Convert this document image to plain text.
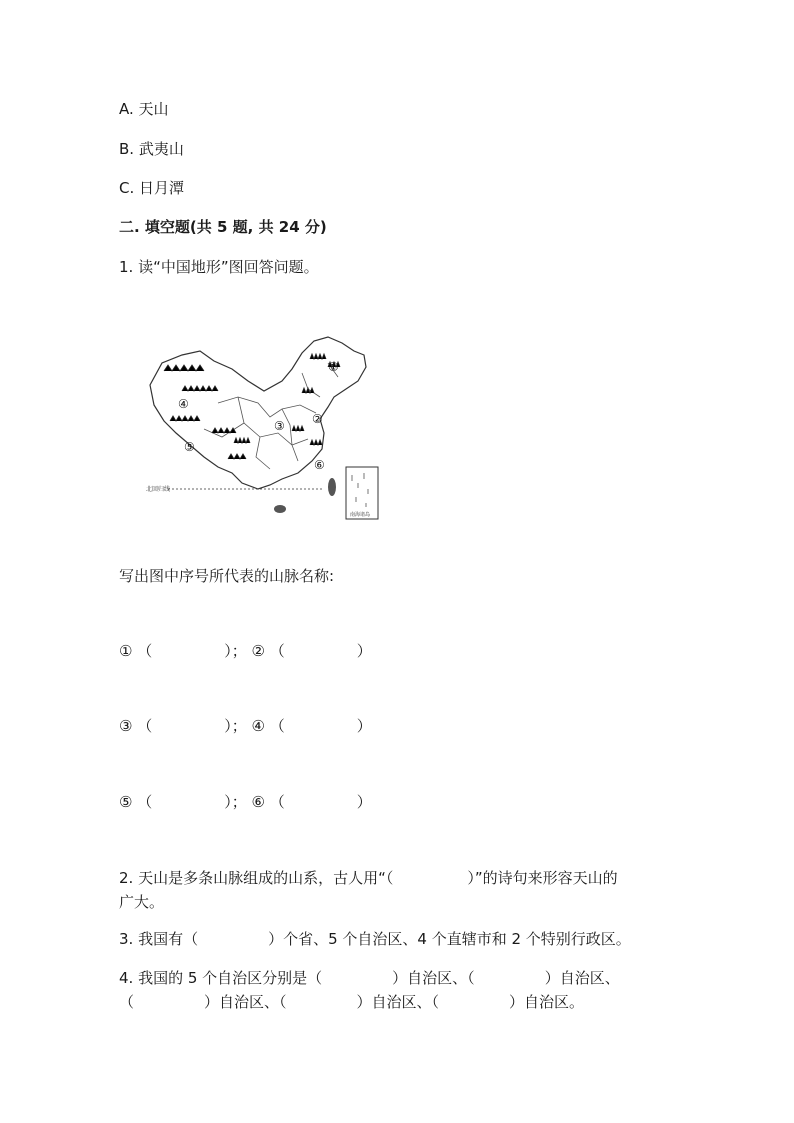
A. 天山
B. 武夷山
C. 日月潭
二. 填空题(共 5 题, 共 24 分)
1. 读“中国地形”图回答问题。
北回归线
南海诸岛
①
②
③
④
⑤
⑥
写出图中序号所代表的山脉名称:
① （	）； ② （	）
③ （	）； ④ （	）
⑤ （	）； ⑥ （	）
2. 天山是多条山脉组成的山系，古人用“（	）”的诗句来形容天山的
广大。
3. 我国有（	）个省、5 个自治区、4 个直辖市和 2 个特别行政区。
4. 我国的 5 个自治区分别是（	）自治区、（	）自治区、
（	）自治区、（	）自治区、（	）自治区。
